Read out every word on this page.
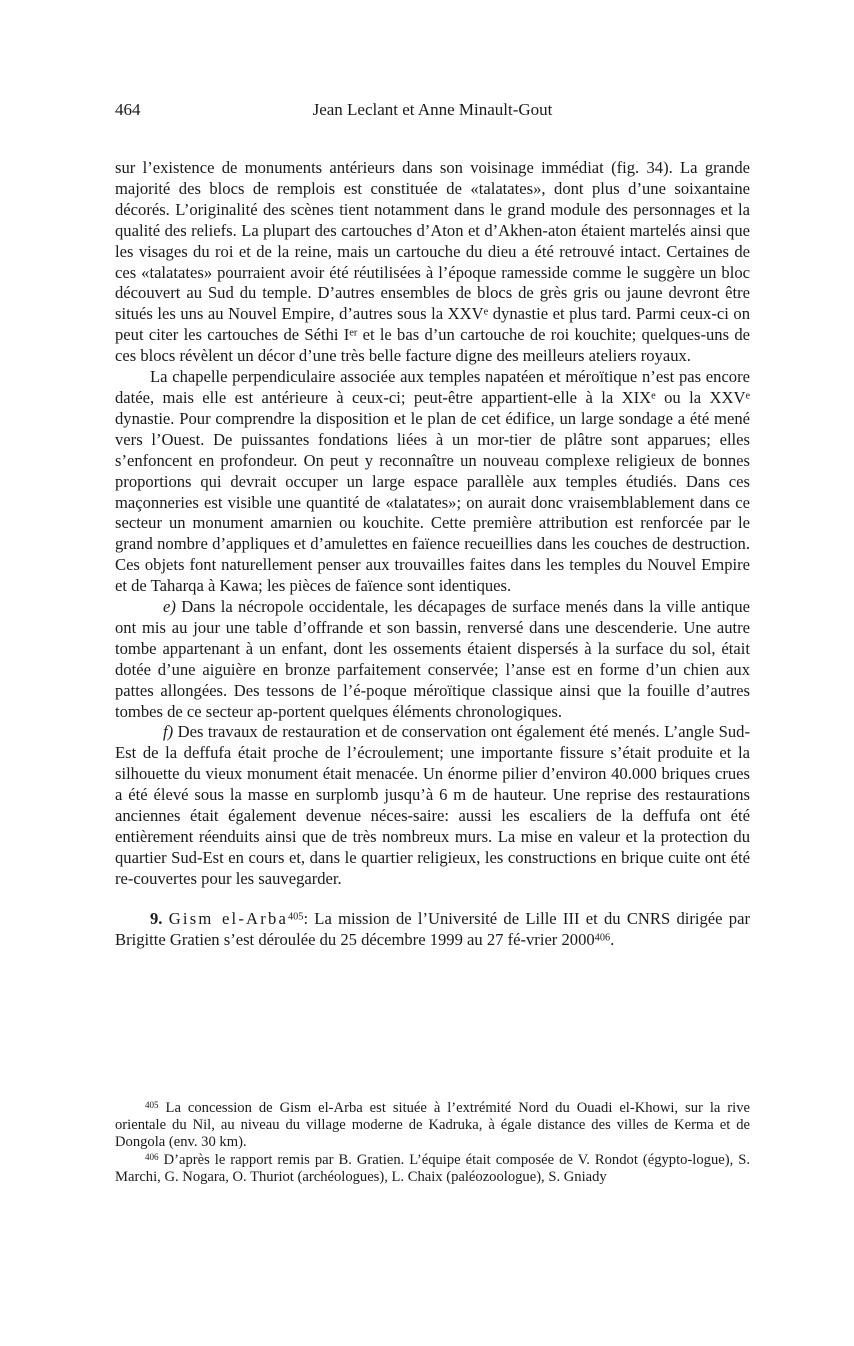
464	Jean Leclant et Anne Minault-Gout

sur l’existence de monuments antérieurs dans son voisinage immédiat (fig. 34). La grande majorité des blocs de remplois est constituée de «talatates», dont plus d’une soixantaine décorés. L’originalité des scènes tient notamment dans le grand module des personnages et la qualité des reliefs. La plupart des cartouches d’Aton et d’Akhen-aton étaient martelés ainsi que les visages du roi et de la reine, mais un cartouche du dieu a été retrouvé intact. Certaines de ces «talatates» pourraient avoir été réutilisées à l’époque ramesside comme le suggère un bloc découvert au Sud du temple. D’autres ensembles de blocs de grès gris ou jaune devront être situés les uns au Nouvel Empire, d’autres sous la XXVe dynastie et plus tard. Parmi ceux-ci on peut citer les cartouches de Séthi Ier et le bas d’un cartouche de roi kouchite; quelques-uns de ces blocs révèlent un décor d’une très belle facture digne des meilleurs ateliers royaux.

La chapelle perpendiculaire associée aux temples napatéen et méroïtique n’est pas encore datée, mais elle est antérieure à ceux-ci; peut-être appartient-elle à la XIXe ou la XXVe dynastie. Pour comprendre la disposition et le plan de cet édifice, un large sondage a été mené vers l’Ouest. De puissantes fondations liées à un mor-tier de plâtre sont apparues; elles s’enfoncent en profondeur. On peut y reconnaître un nouveau complexe religieux de bonnes proportions qui devrait occuper un large espace parallèle aux temples étudiés. Dans ces maçonneries est visible une quantité de «talatates»; on aurait donc vraisemblablement dans ce secteur un monument amarnien ou kouchite. Cette première attribution est renforcée par le grand nombre d’appliques et d’amulettes en faïence recueillies dans les couches de destruction. Ces objets font naturellement penser aux trouvailles faites dans les temples du Nouvel Empire et de Taharqa à Kawa; les pièces de faïence sont identiques.

e) Dans la nécropole occidentale, les décapages de surface menés dans la ville antique ont mis au jour une table d’offrande et son bassin, renversé dans une descenderie. Une autre tombe appartenant à un enfant, dont les ossements étaient dispersés à la surface du sol, était dotée d’une aiguière en bronze parfaitement conservée; l’anse est en forme d’un chien aux pattes allongées. Des tessons de l’é-poque méroïtique classique ainsi que la fouille d’autres tombes de ce secteur ap-portent quelques éléments chronologiques.

f) Des travaux de restauration et de conservation ont également été menés. L’angle Sud-Est de la deffufa était proche de l’écroulement; une importante fissure s’était produite et la silhouette du vieux monument était menacée. Un énorme pilier d’environ 40.000 briques crues a été élevé sous la masse en surplomb jusqu’à 6 m de hauteur. Une reprise des restaurations anciennes était également devenue néces-saire: aussi les escaliers de la deffufa ont été entièrement réenduits ainsi que de très nombreux murs. La mise en valeur et la protection du quartier Sud-Est en cours et, dans le quartier religieux, les constructions en brique cuite ont été re-couvertes pour les sauvegarder.

9. Gism el-Arba$^{405}$: La mission de l’Université de Lille III et du CNRS dirigée par Brigitte Gratien s’est déroulée du 25 décembre 1999 au 27 fé-vrier 2000$^{406}$.

$^{405}$ La concession de Gism el-Arba est située à l’extrémité Nord du Ouadi el-Khowi, sur la rive orientale du Nil, au niveau du village moderne de Kadruka, à égale distance des villes de Kerma et de Dongola (env. 30 km).

$^{406}$ D’après le rapport remis par B. Gratien. L’équipe était composée de V. Rondot (égypto-logue), S. Marchi, G. Nogara, O. Thuriot (archéologues), L. Chaix (paléozoologue), S. Gniady
